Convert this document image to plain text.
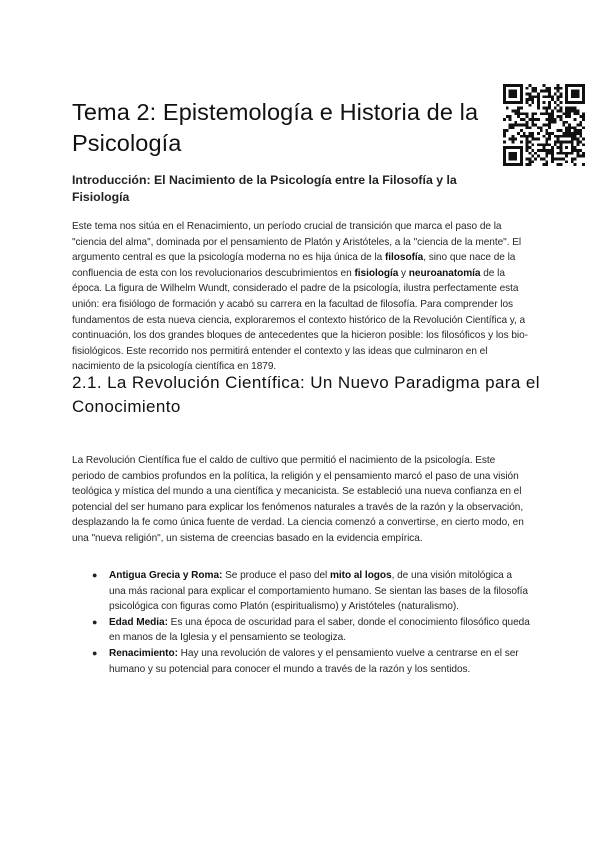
Tema 2: Epistemología e Historia de la Psicología
Introducción: El Nacimiento de la Psicología entre la Filosofía y la Fisiología

Este tema nos sitúa en el Renacimiento, un período crucial de transición que marca el paso de la "ciencia del alma", dominada por el pensamiento de Platón y Aristóteles, a la "ciencia de la mente". El argumento central es que la psicología moderna no es hija única de la filosofía, sino que nace de la confluencia de esta con los revolucionarios descubrimientos en fisiología y neuroanatomía de la época. La figura de Wilhelm Wundt, considerado el padre de la psicología, ilustra perfectamente esta unión: era fisiólogo de formación y acabó su carrera en la facultad de filosofía. Para comprender los fundamentos de esta nueva ciencia, exploraremos el contexto histórico de la Revolución Científica y, a continuación, los dos grandes bloques de antecedentes que la hicieron posible: los filosóficos y los bio-fisiológicos. Este recorrido nos permitirá entender el contexto y las ideas que culminaron en el nacimiento de la psicología científica en 1879.

2.1. La Revolución Científica: Un Nuevo Paradigma para el Conocimiento

La Revolución Científica fue el caldo de cultivo que permitió el nacimiento de la psicología. Este periodo de cambios profundos en la política, la religión y el pensamiento marcó el paso de una visión teológica y mística del mundo a una científica y mecanicista. Se estableció una nueva confianza en el potencial del ser humano para explicar los fenómenos naturales a través de la razón y la observación, desplazando la fe como única fuente de verdad. La ciencia comenzó a convertirse, en cierto modo, en una "nueva religión", un sistema de creencias basado en la evidencia empírica.

● Antigua Grecia y Roma: Se produce el paso del mito al logos, de una visión mitológica a una más racional para explicar el comportamiento humano. Se sientan las bases de la filosofía psicológica con figuras como Platón (espiritualismo) y Aristóteles (naturalismo).
● Edad Media: Es una época de oscuridad para el saber, donde el conocimiento filosófico queda en manos de la Iglesia y el pensamiento se teologiza.
● Renacimiento: Hay una revolución de valores y el pensamiento vuelve a centrarse en el ser humano y su potencial para conocer el mundo a través de la razón y los sentidos.
